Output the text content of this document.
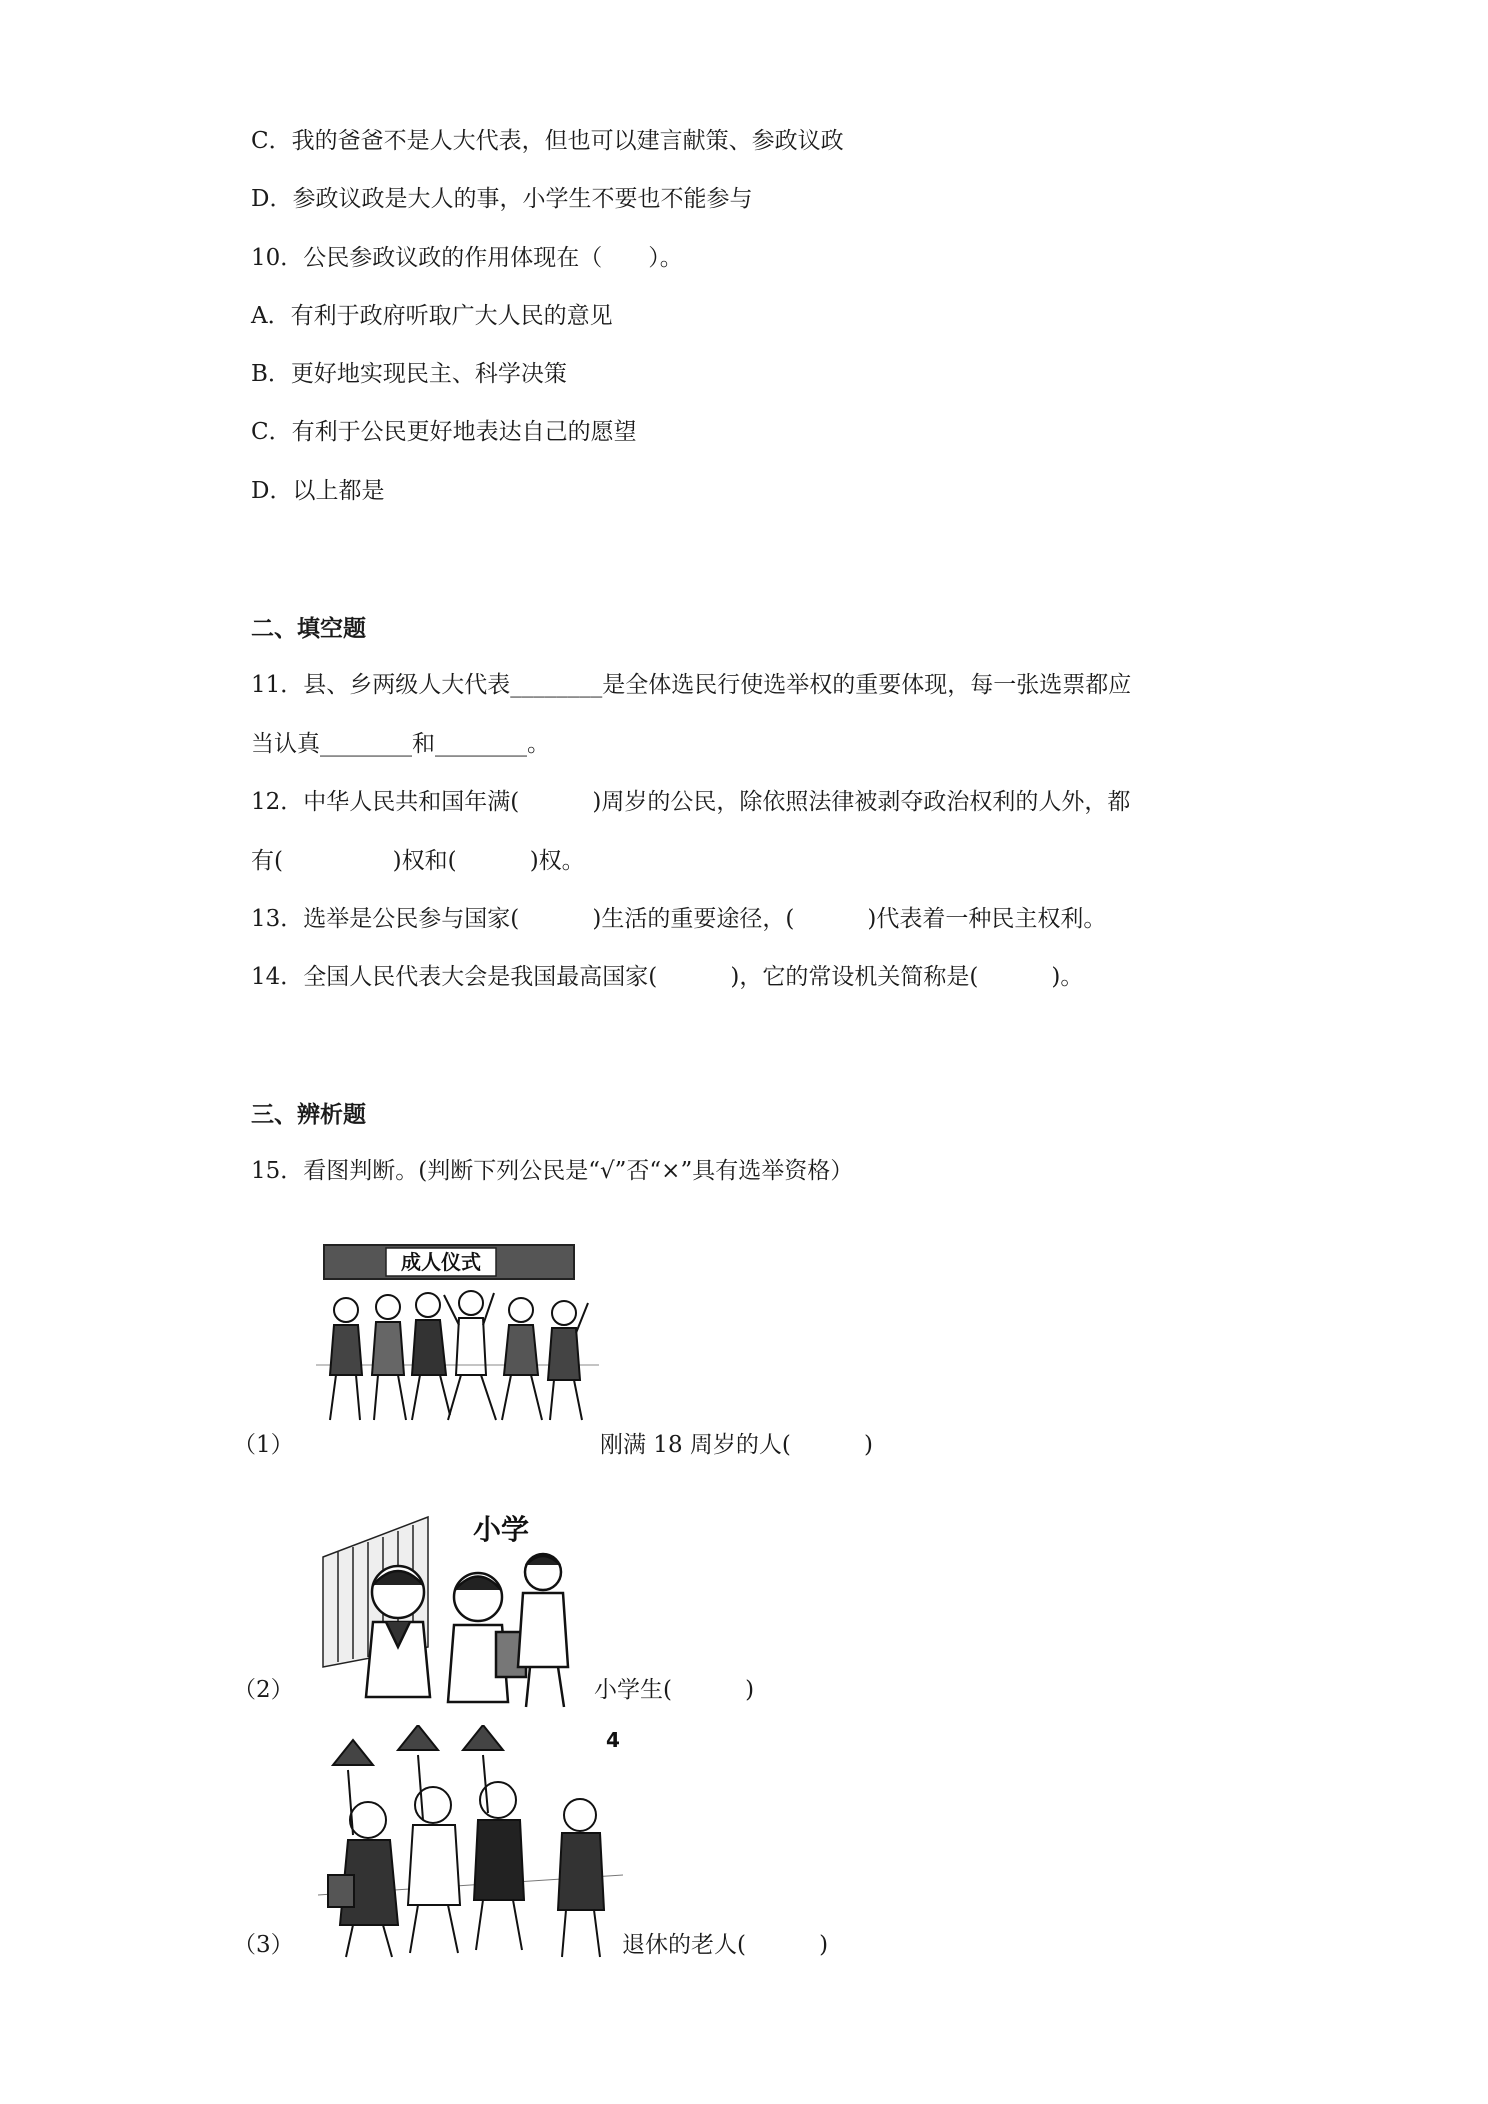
C．我的爸爸不是人大代表，但也可以建言献策、参政议政
D．参政议政是大人的事，小学生不要也不能参与
10．公民参政议政的作用体现在（　　）。
A．有利于政府听取广大人民的意见
B．更好地实现民主、科学决策
C．有利于公民更好地表达自己的愿望
D．以上都是
二、填空题
11．县、乡两级人大代表________是全体选民行使选举权的重要体现，每一张选票都应
当认真________和________。
12．中华人民共和国年满(          )周岁的公民，除依照法律被剥夺政治权利的人外，都
有(               )权和(          )权。
13．选举是公民参与国家(          )生活的重要途径，(          )代表着一种民主权利。
14．全国人民代表大会是我国最高国家(          )，它的常设机关简称是(          )。
三、辨析题
15．看图判断。(判断下列公民是“√”否“×”具有选举资格）
成人仪式
（1）	刚满 18 周岁的人(          )
小学
（2）	小学生(          )
4
（3）	退休的老人(          )
